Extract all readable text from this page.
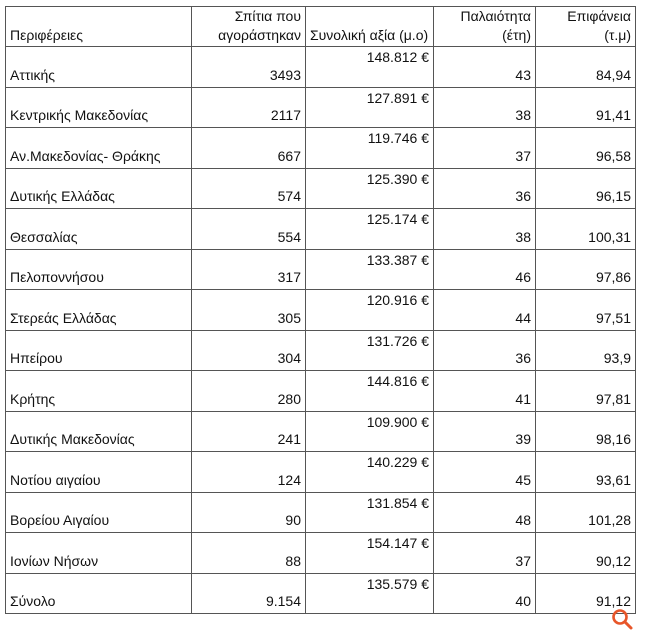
Περιφέρειες	Σπίτια που αγοράστηκαν	Συνολική αξία (μ.ο)	Παλαιότητα (έτη)	Επιφάνεια (τ.μ)
Αττικής	3493	148.812 €	43	84,94
Κεντρικής Μακεδονίας	2117	127.891 €	38	91,41
Αν.Μακεδονίας- Θράκης	667	119.746 €	37	96,58
Δυτικής Ελλάδας	574	125.390 €	36	96,15
Θεσσαλίας	554	125.174 €	38	100,31
Πελοποννήσου	317	133.387 €	46	97,86
Στερεάς Ελλάδας	305	120.916 €	44	97,51
Ηπείρου	304	131.726 €	36	93,9
Κρήτης	280	144.816 €	41	97,81
Δυτικής Μακεδονίας	241	109.900 €	39	98,16
Νοτίου αιγαίου	124	140.229 €	45	93,61
Βορείου Αιγαίου	90	131.854 €	48	101,28
Ιονίων Νήσων	88	154.147 €	37	90,12
Σύνολο	9.154	135.579 €	40	91,12
